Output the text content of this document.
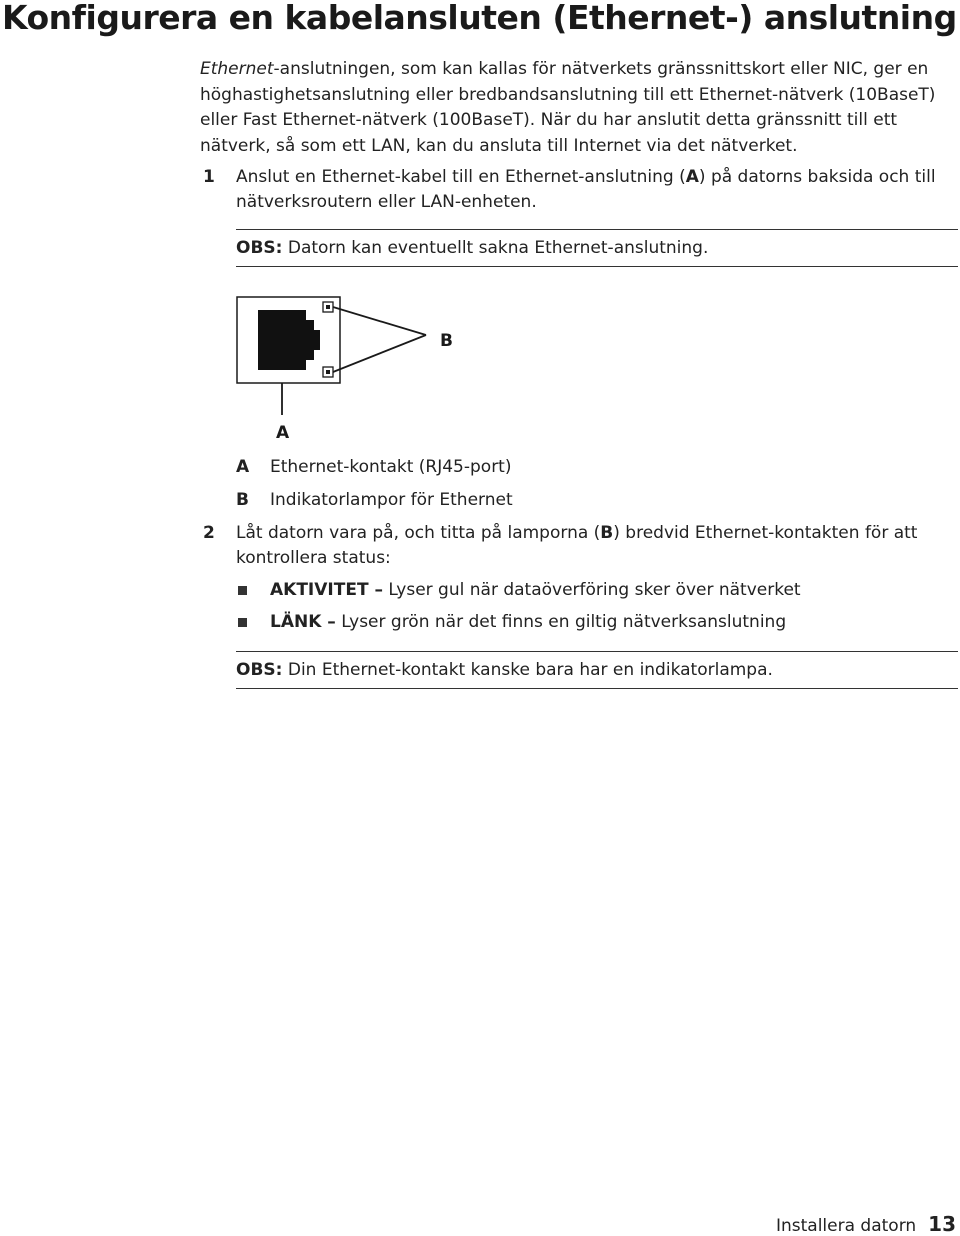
Konfigurera en kabelansluten (Ethernet-) anslutning
Ethernet-anslutningen, som kan kallas för nätverkets gränssnittskort eller NIC, ger en höghastighetsanslutning eller bredbandsanslutning till ett Ethernet-nätverk (10BaseT) eller Fast Ethernet-nätverk (100BaseT). När du har anslutit detta gränssnitt till ett nätverk, så som ett LAN, kan du ansluta till Internet via det nätverket.
1 Anslut en Ethernet-kabel till en Ethernet-anslutning (A) på datorns baksida och till nätverksroutern eller LAN-enheten.
OBS: Datorn kan eventuellt sakna Ethernet-anslutning.
B
A
A Ethernet-kontakt (RJ45-port)
B Indikatorlampor för Ethernet
2 Låt datorn vara på, och titta på lamporna (B) bredvid Ethernet-kontakten för att kontrollera status:
AKTIVITET – Lyser gul när dataöverföring sker över nätverket
LÄNK – Lyser grön när det finns en giltig nätverksanslutning
OBS: Din Ethernet-kontakt kanske bara har en indikatorlampa.
Installera datorn 13
